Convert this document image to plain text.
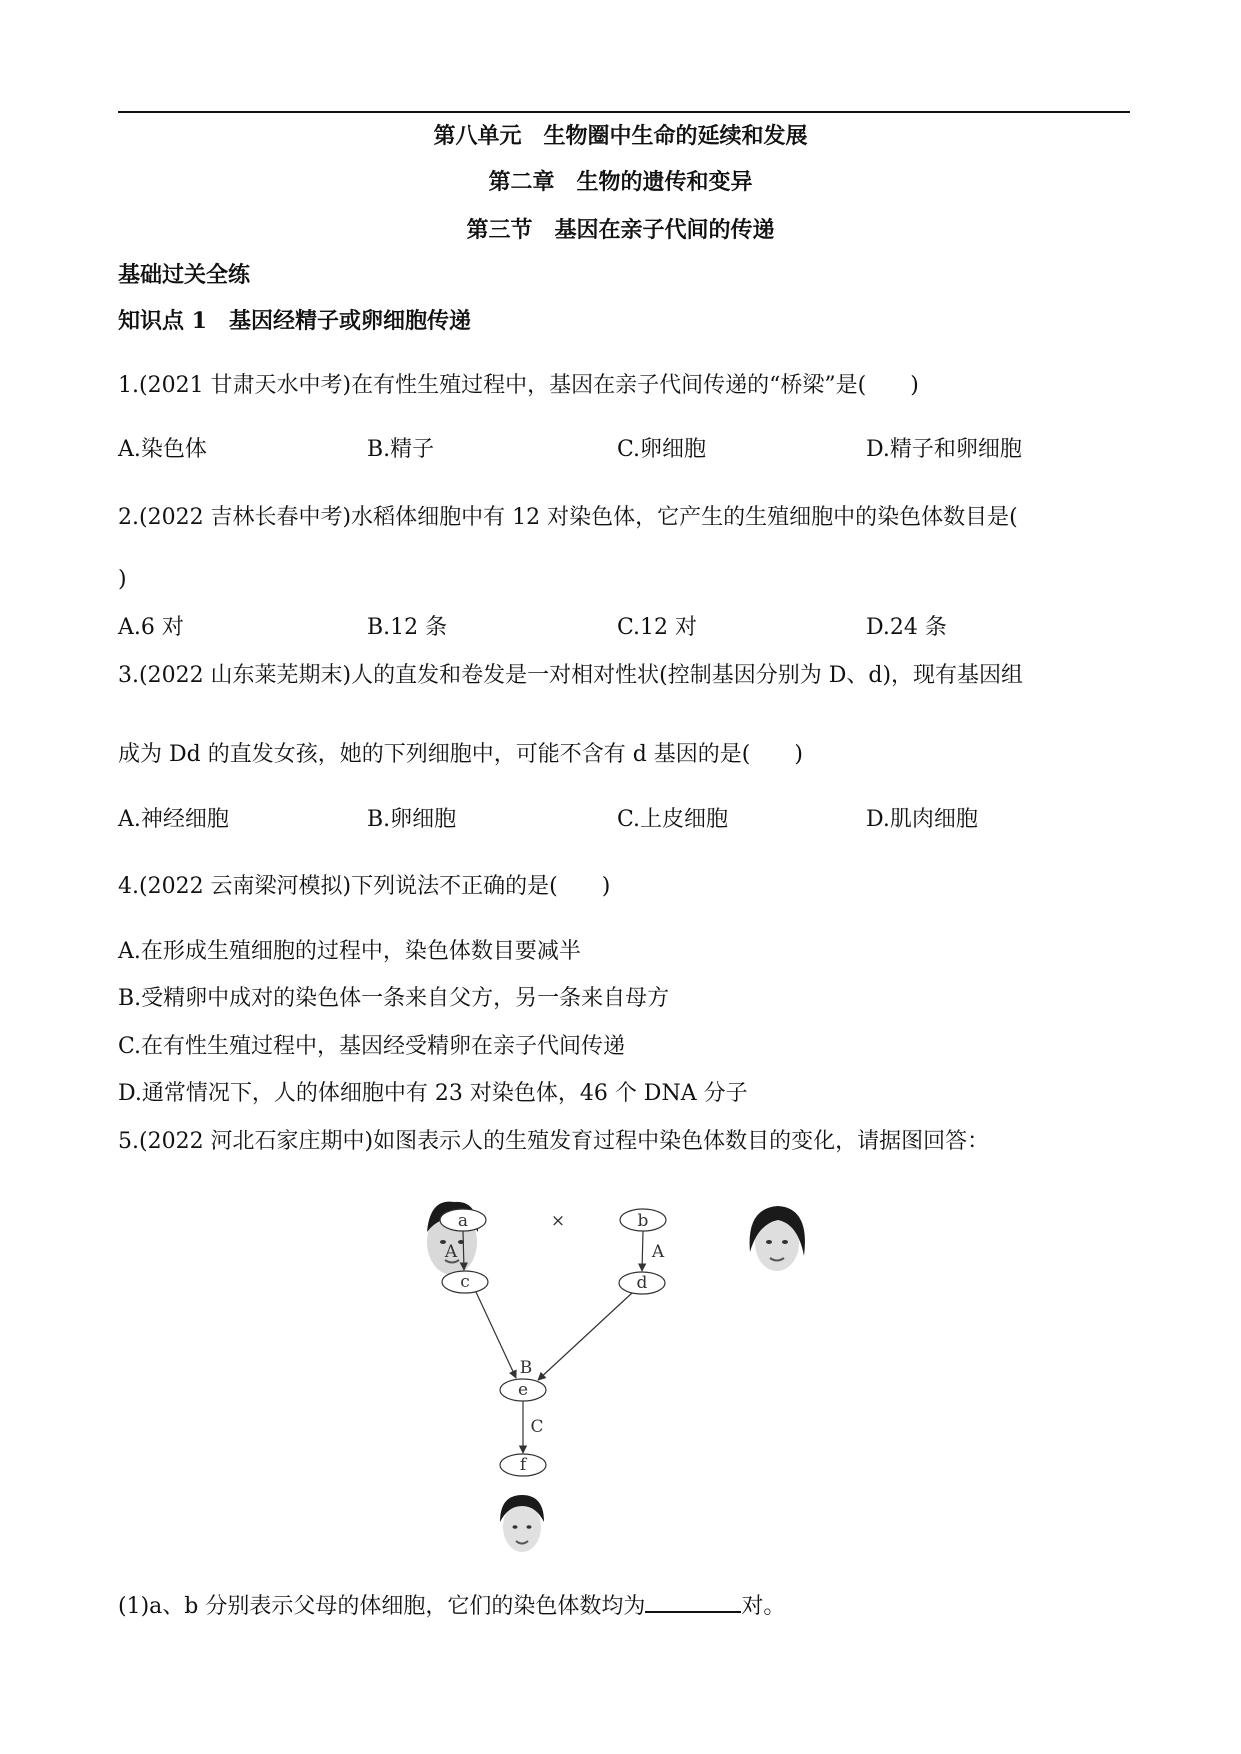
第八单元　生物圈中生命的延续和发展
第二章　生物的遗传和变异
第三节　基因在亲子代间的传递
基础过关全练
知识点 1　基因经精子或卵细胞传递
1.(2021 甘肃天水中考)在有性生殖过程中，基因在亲子代间传递的“桥梁”是(　　)
A.染色体	B.精子	C.卵细胞	D.精子和卵细胞
2.(2022 吉林长春中考)水稻体细胞中有 12 对染色体，它产生的生殖细胞中的染色体数目是(
)
A.6 对	B.12 条	C.12 对	D.24 条
3.(2022 山东莱芜期末)人的直发和卷发是一对相对性状(控制基因分别为 D、d)，现有基因组
成为 Dd 的直发女孩，她的下列细胞中，可能不含有 d 基因的是(　　)
A.神经细胞	B.卵细胞	C.上皮细胞	D.肌肉细胞
4.(2022 云南梁河模拟)下列说法不正确的是(　　)
A.在形成生殖细胞的过程中，染色体数目要减半
B.受精卵中成对的染色体一条来自父方，另一条来自母方
C.在有性生殖过程中，基因经受精卵在亲子代间传递
D.通常情况下，人的体细胞中有 23 对染色体，46 个 DNA 分子
5.(2022 河北石家庄期中)如图表示人的生殖发育过程中染色体数目的变化，请据图回答：
a	b
c	d
e
f
A	A
B
C
×
(1)a、b 分别表示父母的体细胞，它们的染色体数均为	对。
